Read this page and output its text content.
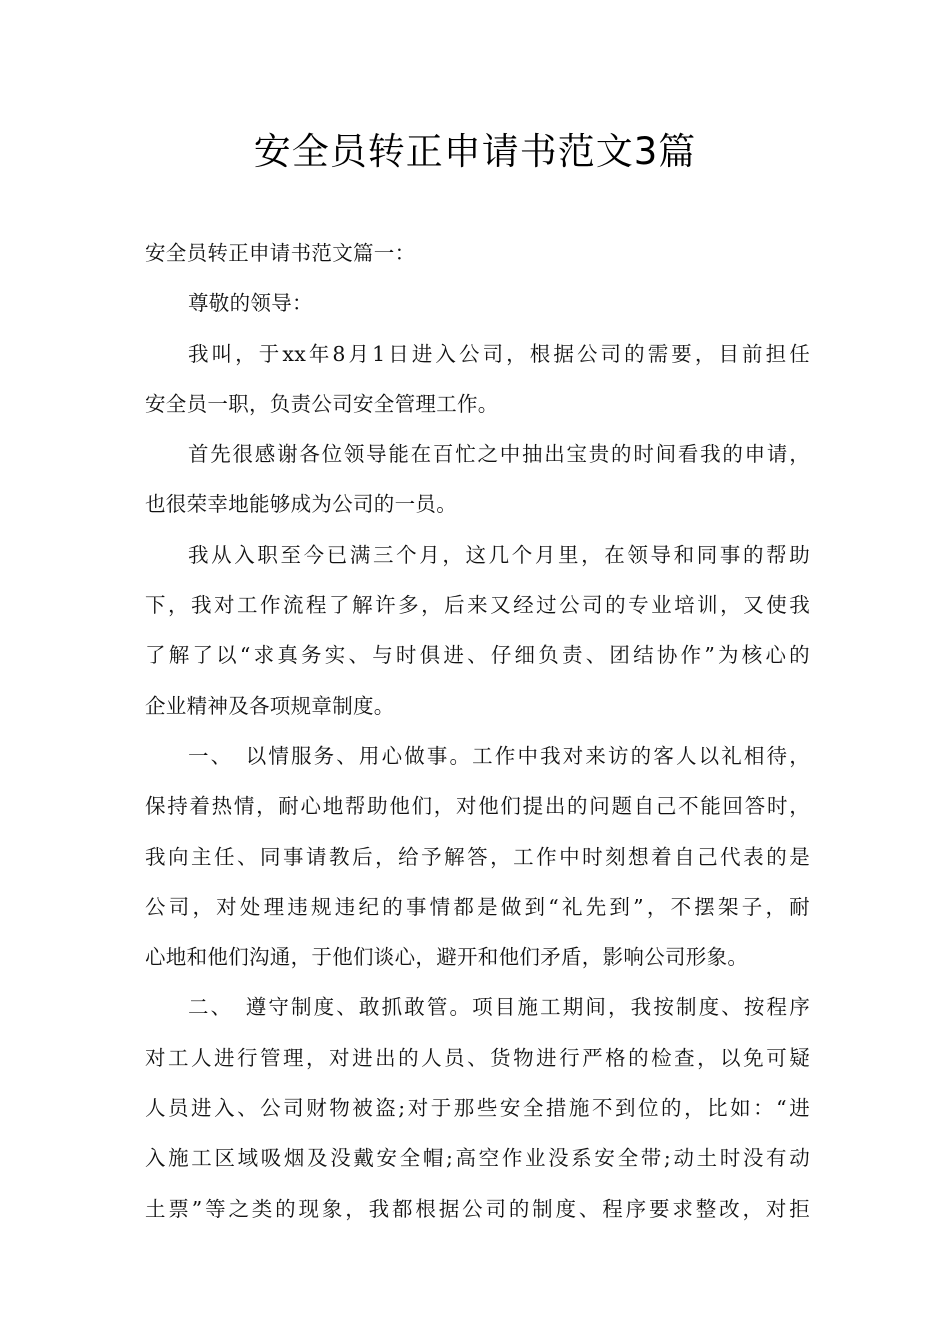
安全员转正申请书范文3篇
安全员转正申请书范文篇一：
尊敬的领导：
我叫，于xx年8月1日进入公司，根据公司的需要，目前担任
安全员一职，负责公司安全管理工作。
首先很感谢各位领导能在百忙之中抽出宝贵的时间看我的申请，
也很荣幸地能够成为公司的一员。
我从入职至今已满三个月，这几个月里，在领导和同事的帮助
下，我对工作流程了解许多，后来又经过公司的专业培训，又使我
了解了以“求真务实、与时俱进、仔细负责、团结协作”为核心的
企业精神及各项规章制度。
一、　以情服务、用心做事。工作中我对来访的客人以礼相待，
保持着热情，耐心地帮助他们，对他们提出的问题自己不能回答时，
我向主任、同事请教后，给予解答，工作中时刻想着自己代表的是
公司，对处理违规违纪的事情都是做到“礼先到”，不摆架子，耐
心地和他们沟通，于他们谈心，避开和他们矛盾，影响公司形象。
二、　遵守制度、敢抓敢管。项目施工期间，我按制度、按程序
对工人进行管理，对进出的人员、货物进行严格的检查，以免可疑
人员进入、公司财物被盗;对于那些安全措施不到位的，比如：“进
入施工区域吸烟及没戴安全帽;高空作业没系安全带;动土时没有动
土票”等之类的现象，我都根据公司的制度、程序要求整改，对拒
